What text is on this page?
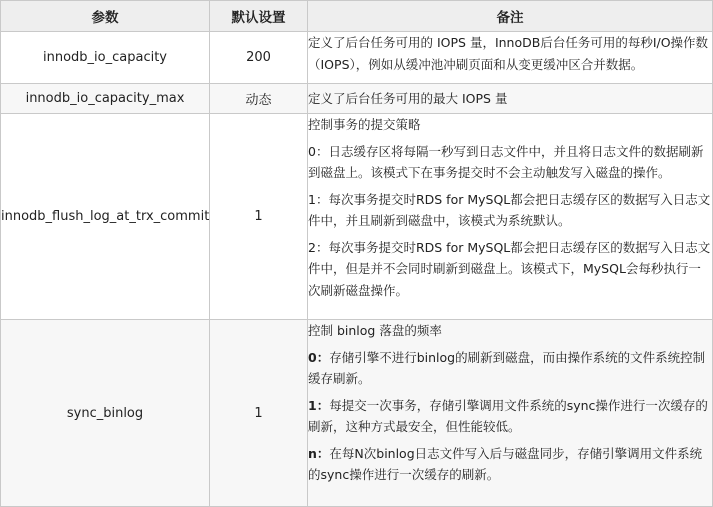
参数	默认设置	备注
innodb_io_capacity	200	定义了后台任务可用的 IOPS 量，InnoDB后台任务可用的每秒I/O操作数（IOPS），例如从缓冲池冲刷页面和从变更缓冲区合并数据。

innodb_io_capacity_max	动态	定义了后台任务可用的最大 IOPS 量

innodb_flush_log_at_trx_commit	1	控制事务的提交策略

0：日志缓存区将每隔一秒写到日志文件中，并且将日志文件的数据刷新到磁盘上。该模式下在事务提交时不会主动触发写入磁盘的操作。

1：每次事务提交时RDS for MySQL都会把日志缓存区的数据写入日志文件中，并且刷新到磁盘中，该模式为系统默认。

2：每次事务提交时RDS for MySQL都会把日志缓存区的数据写入日志文件中，但是并不会同时刷新到磁盘上。该模式下，MySQL会每秒执行一次刷新磁盘操作。

sync_binlog	1	控制 binlog 落盘的频率

0：存储引擎不进行binlog的刷新到磁盘，而由操作系统的文件系统控制缓存刷新。

1：每提交一次事务，存储引擎调用文件系统的sync操作进行一次缓存的刷新，这种方式最安全，但性能较低。

n：在每N次binlog日志文件写入后与磁盘同步，存储引擎调用文件系统的sync操作进行一次缓存的刷新。
